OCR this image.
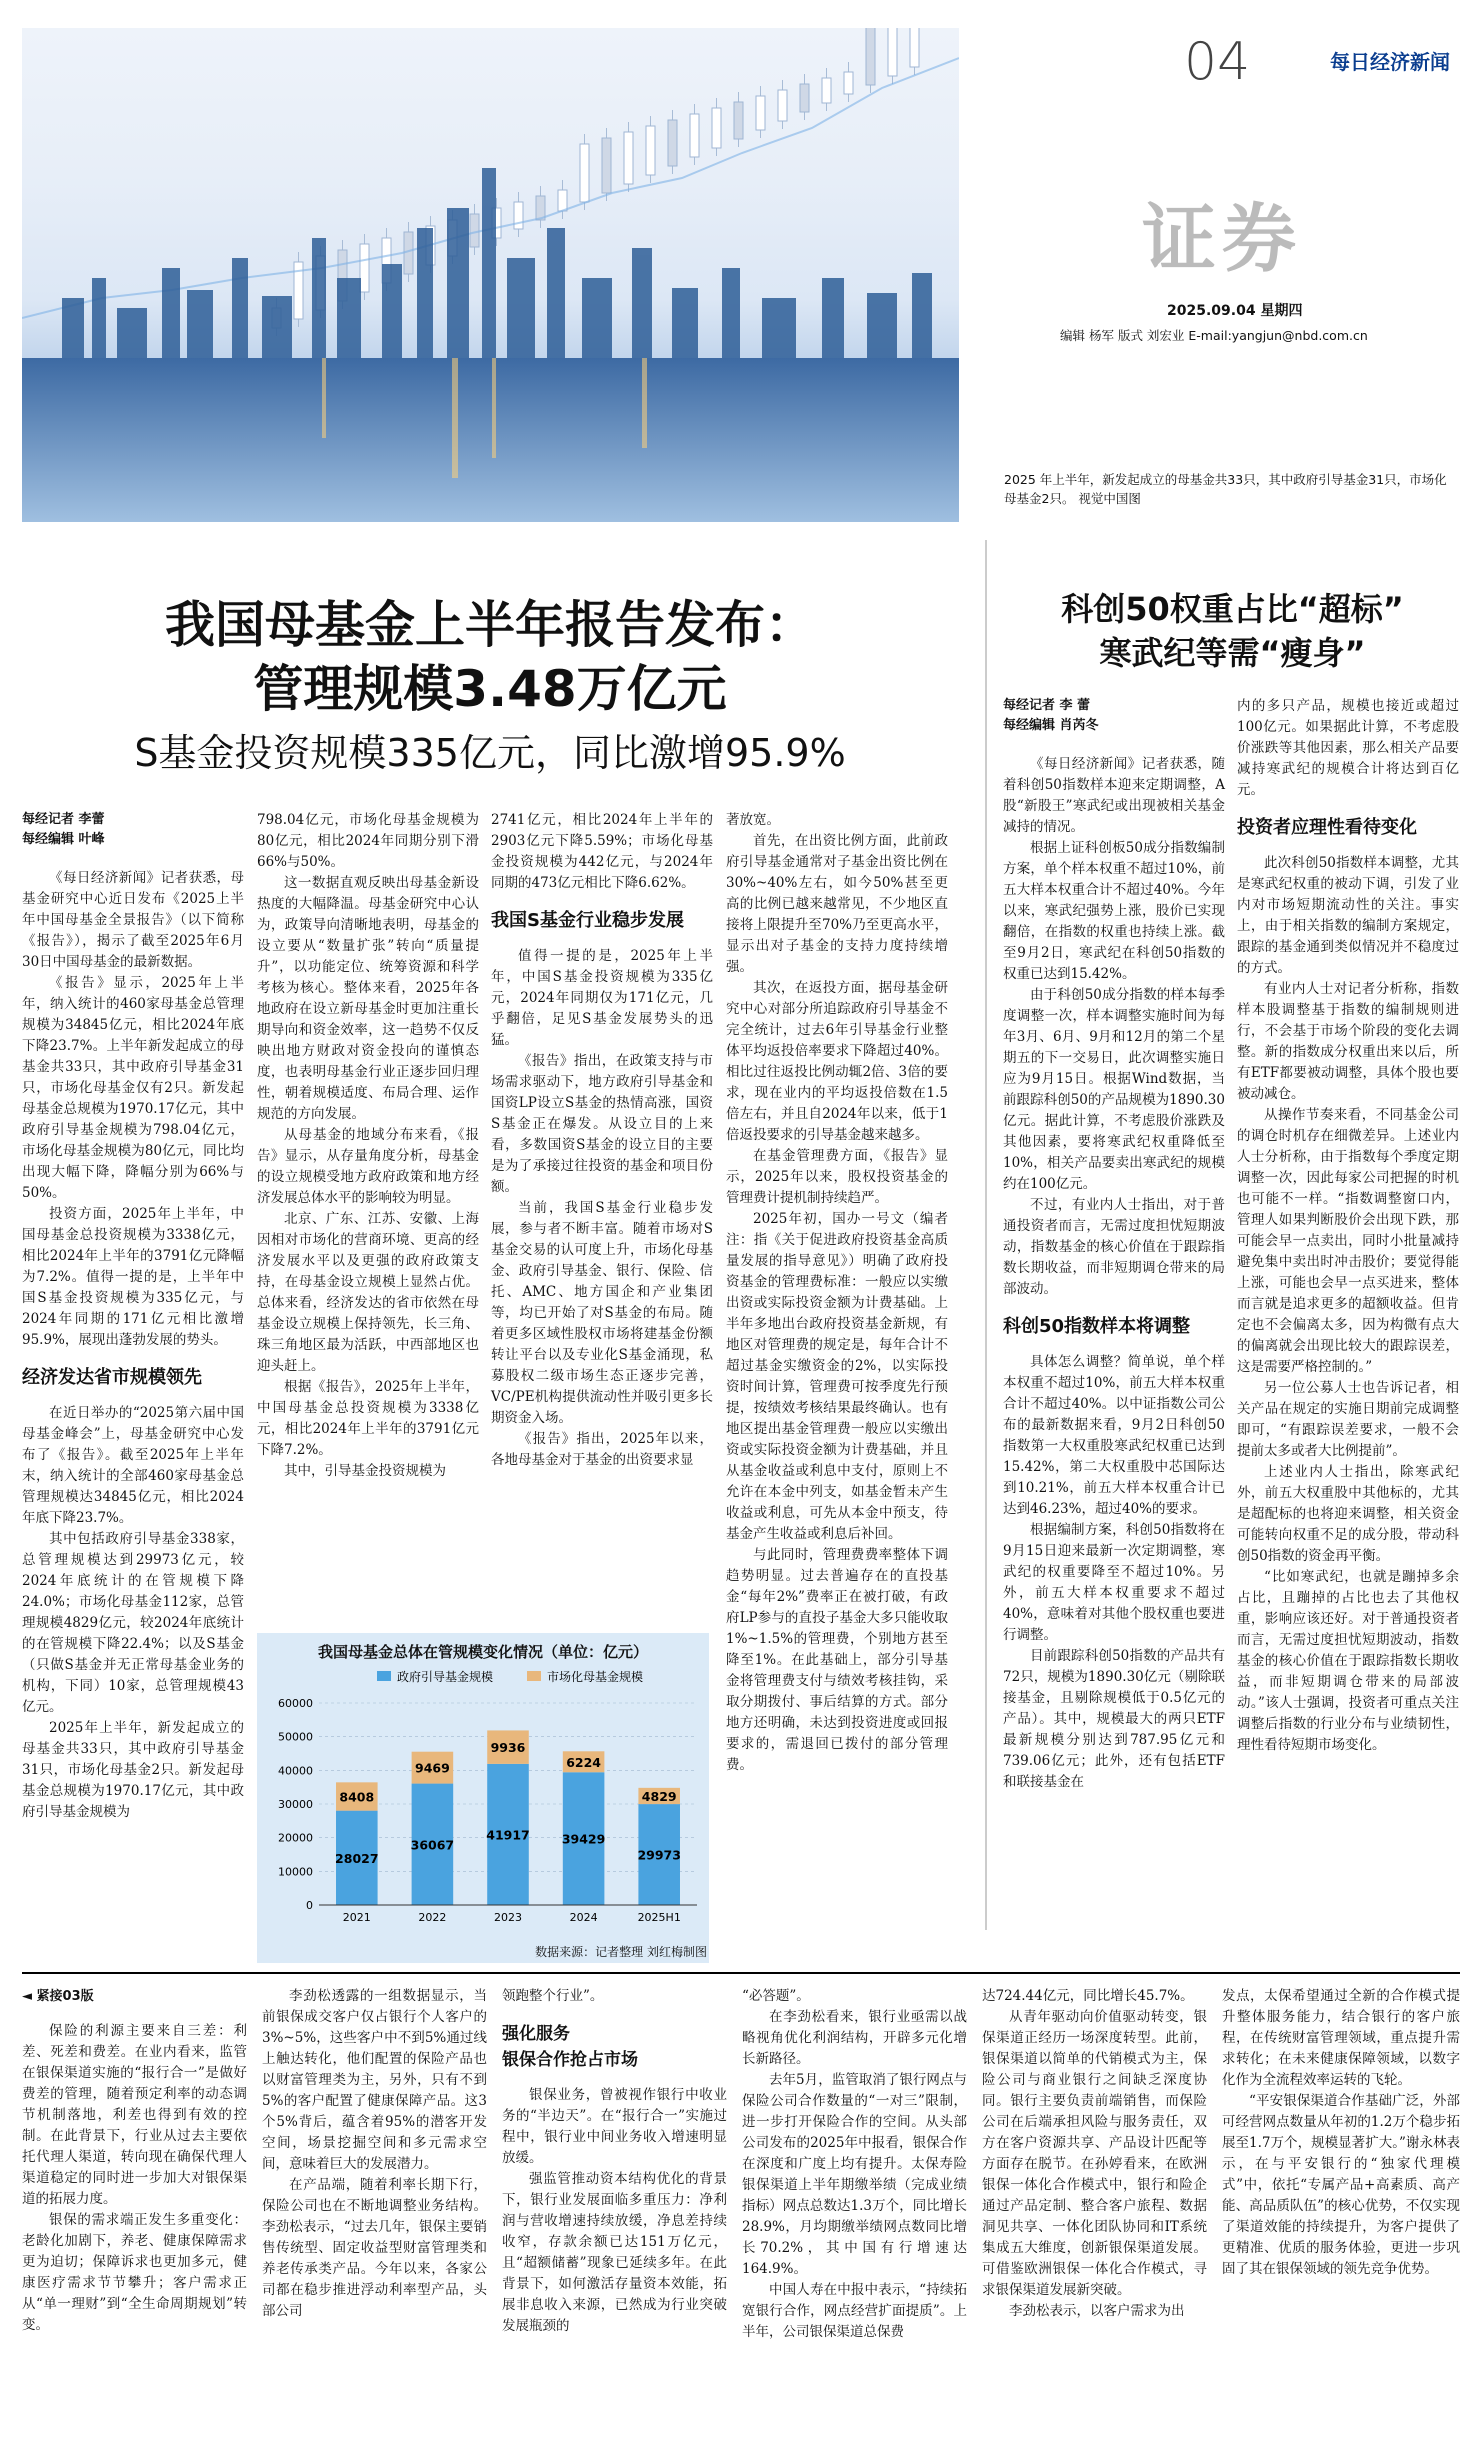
04	每日经济新闻
证券
2025.09.04 星期四
编辑 杨军 版式 刘宏业 E-mail:yangjun@nbd.com.cn
2025 年上半年，新发起成立的母基金共33只，其中政府引导基金31只，市场化母基金2只。 视觉中国图
我国母基金上半年报告发布：
管理规模3.48万亿元
S基金投资规模335亿元，同比激增95.9%
每经记者 李蕾
每经编辑 叶峰

《每日经济新闻》记者获悉，母基金研究中心近日发布《2025上半年中国母基金全景报告》（以下简称《报告》），揭示了截至2025年6月30日中国母基金的最新数据。

《报告》显示，2025年上半年，纳入统计的460家母基金总管理规模为34845亿元，相比2024年底下降23.7%。上半年新发起成立的母基金共33只，其中政府引导基金31只，市场化母基金仅有2只。新发起母基金总规模为1970.17亿元，其中政府引导基金规模为798.04亿元，市场化母基金规模为80亿元，同比均出现大幅下降，降幅分别为66%与50%。

投资方面，2025年上半年，中国母基金总投资规模为3338亿元，相比2024年上半年的3791亿元降幅为7.2%。值得一提的是，上半年中国S基金投资规模为335亿元，与2024年同期的171亿元相比激增95.9%，展现出蓬勃发展的势头。

经济发达省市规模领先

在近日举办的“2025第六届中国母基金峰会”上，母基金研究中心发布了《报告》。截至2025年上半年末，纳入统计的全部460家母基金总管理规模达34845亿元，相比2024年底下降23.7%。

其中包括政府引导基金338家，总管理规模达到29973亿元，较2024年底统计的在管规模下降24.0%；市场化母基金112家，总管理规模4829亿元，较2024年底统计的在管规模下降22.4%；以及S基金（只做S基金并无正常母基金业务的机构，下同）10家，总管理规模43亿元。

2025年上半年，新发起成立的母基金共33只，其中政府引导基金31只，市场化母基金2只。新发起母基金总规模为1970.17亿元，其中政府引导基金规模为

798.04亿元，市场化母基金规模为80亿元，相比2024年同期分别下滑66%与50%。

这一数据直观反映出母基金新设热度的大幅降温。母基金研究中心认为，政策导向清晰地表明，母基金的设立要从“数量扩张”转向“质量提升”，以功能定位、统筹资源和科学考核为核心。整体来看，2025年各地政府在设立新母基金时更加注重长期导向和资金效率，这一趋势不仅反映出地方财政对资金投向的谨慎态度，也表明母基金行业正逐步回归理性，朝着规模适度、布局合理、运作规范的方向发展。

从母基金的地域分布来看，《报告》显示，从存量角度分析，母基金的设立规模受地方政府政策和地方经济发展总体水平的影响较为明显。

北京、广东、江苏、安徽、上海因相对市场化的营商环境、更高的经济发展水平以及更强的政府政策支持，在母基金设立规模上显然占优。总体来看，经济发达的省市依然在母基金设立规模上保持领先，长三角、珠三角地区最为活跃，中西部地区也迎头赶上。

根据《报告》，2025年上半年，中国母基金总投资规模为3338亿元，相比2024年上半年的3791亿元下降7.2%。

其中，引导基金投资规模为

2741亿元，相比2024年上半年的2903亿元下降5.59%；市场化母基金投资规模为442亿元，与2024年同期的473亿元相比下降6.62%。

我国S基金行业稳步发展

值得一提的是，2025年上半年，中国S基金投资规模为335亿元，2024年同期仅为171亿元，几乎翻倍，足见S基金发展势头的迅猛。

《报告》指出，在政策支持与市场需求驱动下，地方政府引导基金和国资LP设立S基金的热情高涨，国资S基金正在爆发。从设立目的上来看，多数国资S基金的设立目的主要是为了承接过往投资的基金和项目份额。

当前，我国S基金行业稳步发展，参与者不断丰富。随着市场对S基金交易的认可度上升，市场化母基金、政府引导基金、银行、保险、信托、AMC、地方国企和产业集团等，均已开始了对S基金的布局。随着更多区域性股权市场将建基金份额转让平台以及专业化S基金涌现，私募股权二级市场生态正逐步完善，VC/PE机构提供流动性并吸引更多长期资金入场。

《报告》指出，2025年以来，各地母基金对于基金的出资要求显

著放宽。

首先，在出资比例方面，此前政府引导基金通常对子基金出资比例在30%~40%左右，如今50%甚至更高的比例已越来越常见，不少地区直接将上限提升至70%乃至更高水平，显示出对子基金的支持力度持续增强。

其次，在返投方面，据母基金研究中心对部分所追踪政府引导基金不完全统计，过去6年引导基金行业整体平均返投倍率要求下降超过40%。相比过往返投比例动辄2倍、3倍的要求，现在业内的平均返投倍数在1.5倍左右，并且自2024年以来，低于1倍返投要求的引导基金越来越多。

在基金管理费方面，《报告》显示，2025年以来，股权投资基金的管理费计提机制持续趋严。

2025年初，国办一号文（编者注：指《关于促进政府投资基金高质量发展的指导意见》）明确了政府投资基金的管理费标准：一般应以实缴出资或实际投资金额为计费基础。上半年多地出台政府投资基金新规，有地区对管理费的规定是，每年合计不超过基金实缴资金的2%，以实际投资时间计算，管理费可按季度先行预提，按绩效考核结果最终确认。也有地区提出基金管理费一般应以实缴出资或实际投资金额为计费基础，并且从基金收益或利息中支付，原则上不允许在本金中列支，如基金暂未产生收益或利息，可先从本金中预支，待基金产生收益或利息后补回。

与此同时，管理费费率整体下调趋势明显。过去普遍存在的直投基金“每年2%”费率正在被打破，有政府LP参与的直投子基金大多只能收取1%~1.5%的管理费，个别地方甚至降至1%。在此基础上，部分引导基金将管理费支付与绩效考核挂钩，采取分期拨付、事后结算的方式。部分地方还明确，未达到投资进度或回报要求的，需退回已拨付的部分管理费。

我国母基金总体在管规模变化情况（单位：亿元）
政府引导基金规模	市场化母基金规模
0
10000
20000
30000
40000
50000
60000
28027
8408
2021
36067
9469
2022
41917
9936
2023
39429
6224
2024
29973
4829
2025H1
数据来源：记者整理 刘红梅制图
科创50权重占比“超标”
寒武纪等需“瘦身”
每经记者 李 蕾
每经编辑 肖芮冬

《每日经济新闻》记者获悉，随着科创50指数样本迎来定期调整，A股“新股王”寒武纪或出现被相关基金减持的情况。

根据上证科创板50成分指数编制方案，单个样本权重不超过10%，前五大样本权重合计不超过40%。今年以来，寒武纪强势上涨，股价已实现翻倍，在指数的权重也持续上涨。截至9月2日，寒武纪在科创50指数的权重已达到15.42%。

由于科创50成分指数的样本每季度调整一次，样本调整实施时间为每年3月、6月、9月和12月的第二个星期五的下一交易日，此次调整实施日应为9月15日。根据Wind数据，当前跟踪科创50的产品规模为1890.30亿元。据此计算，不考虑股价涨跌及其他因素，要将寒武纪权重降低至10%，相关产品要卖出寒武纪的规模约在100亿元。

不过，有业内人士指出，对于普通投资者而言，无需过度担忧短期波动，指数基金的核心价值在于跟踪指数长期收益，而非短期调仓带来的局部波动。

科创50指数样本将调整

具体怎么调整？简单说，单个样本权重不超过10%，前五大样本权重合计不超过40%。以中证指数公司公布的最新数据来看，9月2日科创50指数第一大权重股寒武纪权重已达到15.42%，第二大权重股中芯国际达到10.21%，前五大样本权重合计已达到46.23%，超过40%的要求。

根据编制方案，科创50指数将在9月15日迎来最新一次定期调整，寒武纪的权重要降至不超过10%。另外，前五大样本权重要求不超过40%，意味着对其他个股权重也要进行调整。

目前跟踪科创50指数的产品共有72只，规模为1890.30亿元（剔除联接基金，且剔除规模低于0.5亿元的产品）。其中，规模最大的两只ETF最新规模分别达到787.95亿元和739.06亿元；此外，还有包括ETF和联接基金在

内的多只产品，规模也接近或超过100亿元。如果据此计算，不考虑股价涨跌等其他因素，那么相关产品要减持寒武纪的规模合计将达到百亿元。

投资者应理性看待变化

此次科创50指数样本调整，尤其是寒武纪权重的被动下调，引发了业内对市场短期流动性的关注。事实上，由于相关指数的编制方案规定，跟踪的基金通到类似情况并不稳度过的方式。

有业内人士对记者分析称，指数样本股调整基于指数的编制规则进行，不会基于市场个阶段的变化去调整。新的指数成分权重出来以后，所有ETF都要被动调整，具体个股也要被动减仓。

从操作节奏来看，不同基金公司的调仓时机存在细微差异。上述业内人士分析称，由于指数每个季度定期调整一次，因此每家公司把握的时机也可能不一样。“指数调整窗口内，管理人如果判断股价会出现下跌，那可能会早一点卖出，同时小批量减持避免集中卖出时冲击股价；要觉得能上涨，可能也会早一点买进来，整体而言就是追求更多的超额收益。但肯定也不会偏离太多，因为构微有点大的偏离就会出现比较大的跟踪误差，这是需要严格控制的。”

另一位公募人士也告诉记者，相关产品在规定的实施日期前完成调整即可，“有跟踪误差要求，一般不会提前太多或者大比例提前”。

上述业内人士指出，除寒武纪外，前五大权重股中其他标的，尤其是超配标的也将迎来调整，相关资金可能转向权重不足的成分股，带动科创50指数的资金再平衡。

“比如寒武纪，也就是蹦掉多余占比，且蹦掉的占比也去了其他权重，影响应该还好。对于普通投资者而言，无需过度担忧短期波动，指数基金的核心价值在于跟踪指数长期收益，而非短期调仓带来的局部波动。”该人士强调，投资者可重点关注调整后指数的行业分布与业绩韧性，理性看待短期市场变化。

◄ 紧接03版

保险的利源主要来自三差：利差、死差和费差。在业内看来，监管在银保渠道实施的“报行合一”是做好费差的管理，随着预定利率的动态调节机制落地，利差也得到有效的控制。在此背景下，行业从过去主要依托代理人渠道，转向现在确保代理人渠道稳定的同时进一步加大对银保渠道的拓展力度。

银保的需求端正发生多重变化：老龄化加剧下，养老、健康保障需求更为迫切；保障诉求也更加多元，健康医疗需求节节攀升；客户需求正从“单一理财”到“全生命周期规划”转变。

李劲松透露的一组数据显示，当前银保成交客户仅占银行个人客户的3%~5%，这些客户中不到5%通过线上触达转化，他们配置的保险产品也以财富管理类为主，另外，只有不到5%的客户配置了健康保障产品。这3个5%背后，蕴含着95%的潜客开发空间，场景挖掘空间和多元需求空间，意味着巨大的发展潜力。

在产品端，随着利率长期下行，保险公司也在不断地调整业务结构。李劲松表示，“过去几年，银保主要销售传统型、固定收益型财富管理类和养老传承类产品。今年以来，各家公司都在稳步推进浮动利率型产品，头部公司

领跑整个行业”。

强化服务
银保合作抢占市场

银保业务，曾被视作银行中收业务的“半边天”。在“报行合一”实施过程中，银行业中间业务收入增速明显放缓。

强监管推动资本结构优化的背景下，银行业发展面临多重压力：净利润与营收增速持续放缓，净息差持续收窄，存款余额已达151万亿元，且“超额储蓄”现象已延续多年。在此背景下，如何激活存量资本效能，拓展非息收入来源，已然成为行业突破发展瓶颈的

“必答题”。

在李劲松看来，银行业亟需以战略视角优化利润结构，开辟多元化增长新路径。

去年5月，监管取消了银行网点与保险公司合作数量的“一对三”限制，进一步打开保险合作的空间。从头部公司发布的2025年中报看，银保合作在深度和广度上均有提升。太保寿险银保渠道上半年期缴举绩（完成业绩指标）网点总数达1.3万个，同比增长28.9%，月均期缴举绩网点数同比增长70.2%，其中国有行增速达164.9%。

中国人寿在中报中表示，“持续拓宽银行合作，网点经营扩面提质”。上半年，公司银保渠道总保费

达724.44亿元，同比增长45.7%。

从青年驱动向价值驱动转变，银保渠道正经历一场深度转型。此前，银保渠道以简单的代销模式为主，保险公司与商业银行之间缺乏深度协同。银行主要负责前端销售，而保险公司在后端承担风险与服务责任，双方在客户资源共享、产品设计匹配等方面存在脱节。在孙婷看来，在欧洲银保一体化合作模式中，银行和险企通过产品定制、整合客户旅程、数据洞见共享、一体化团队协同和IT系统集成五大维度，创新银保渠道发展。可借鉴欧洲银保一体化合作模式，寻求银保渠道发展新突破。

李劲松表示，以客户需求为出

发点，太保希望通过全新的合作模式提升整体服务能力，结合银行的客户旅程，在传统财富管理领域，重点提升需求转化；在未来健康保障领域，以数字化作为全流程效率运转的飞轮。

“平安银保渠道合作基础广泛，外部可经营网点数量从年初的1.2万个稳步拓展至1.7万个，规模显著扩大。”谢永林表示，在与平安银行的“独家代理模式”中，依托“专属产品+高素质、高产能、高品质队伍”的核心优势，不仅实现了渠道效能的持续提升，为客户提供了更精准、优质的服务体验，更进一步巩固了其在银保领域的领先竞争优势。
